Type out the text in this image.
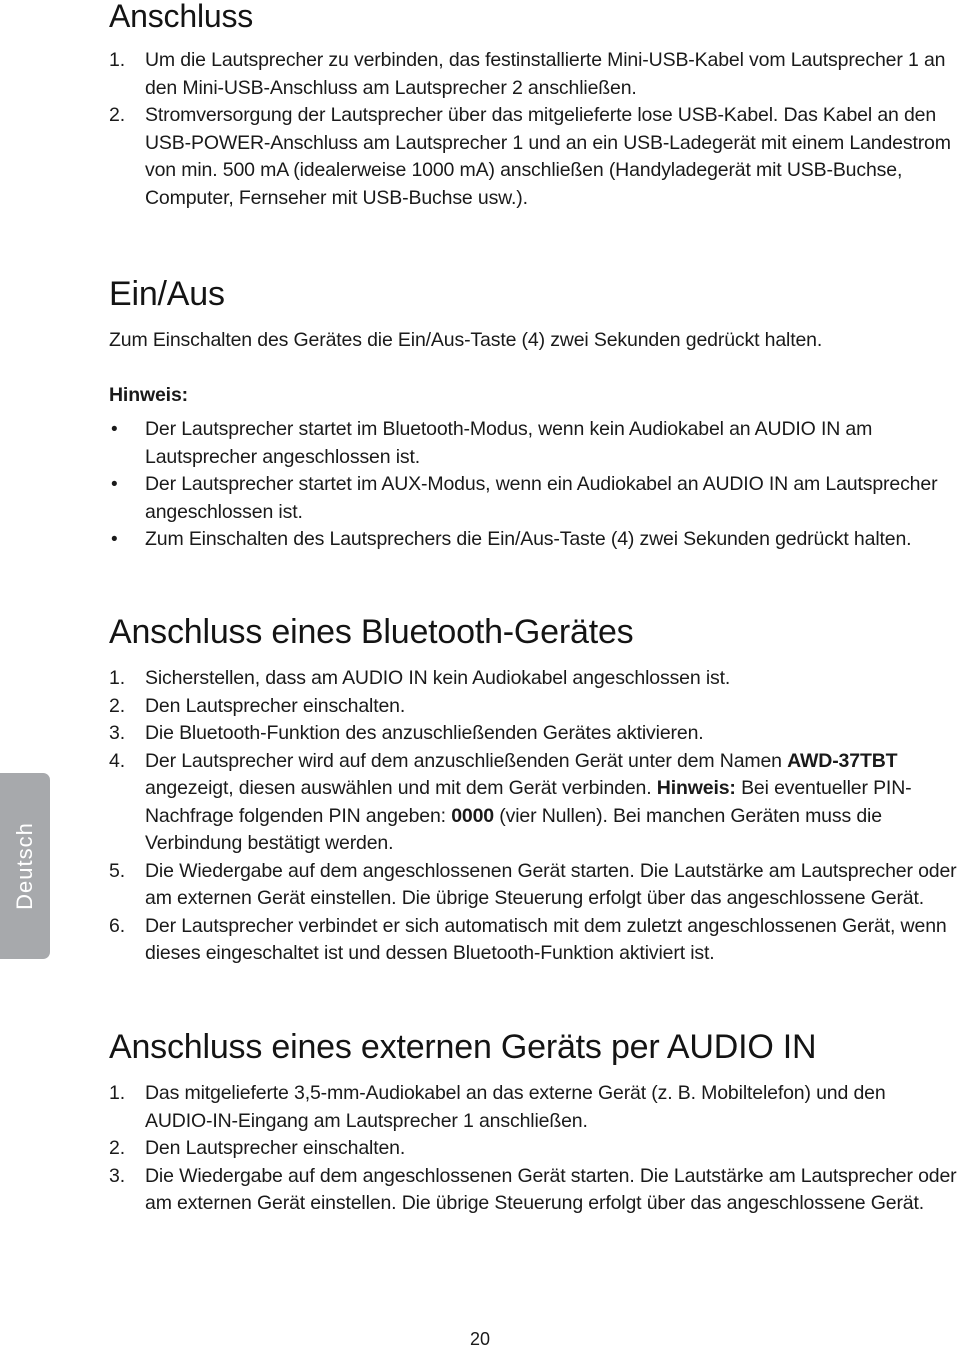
Deutsch
Anschluss
1. Um die Lautsprecher zu verbinden, das festinstallierte Mini-USB-Kabel vom Lautsprecher 1 an den Mini-USB-Anschluss am Lautsprecher 2 anschließen.
2. Stromversorgung der Lautsprecher über das mitgelieferte lose USB-Kabel. Das Kabel an den USB-POWER-Anschluss am Lautsprecher 1 und an ein USB-Ladegerät mit einem Landestrom von min. 500 mA (idealerweise 1000 mA) anschließen (Handyladegerät mit USB-Buchse, Computer, Fernseher mit USB-Buchse usw.).
Ein/Aus
Zum Einschalten des Gerätes die Ein/Aus-Taste (4) zwei Sekunden gedrückt halten.
Hinweis:
• Der Lautsprecher startet im Bluetooth-Modus, wenn kein Audiokabel an AUDIO IN am Lautsprecher angeschlossen ist.
• Der Lautsprecher startet im AUX-Modus, wenn ein Audiokabel an AUDIO IN am Lautsprecher angeschlossen ist.
• Zum Einschalten des Lautsprechers die Ein/Aus-Taste (4) zwei Sekunden gedrückt halten.
Anschluss eines Bluetooth-Gerätes
1. Sicherstellen, dass am AUDIO IN kein Audiokabel angeschlossen ist.
2. Den Lautsprecher einschalten.
3. Die Bluetooth-Funktion des anzuschließenden Gerätes aktivieren.
4. Der Lautsprecher wird auf dem anzuschließenden Gerät unter dem Namen AWD-37TBT angezeigt, diesen auswählen und mit dem Gerät verbinden. Hinweis: Bei eventueller PIN-Nachfrage folgenden PIN angeben: 0000 (vier Nullen). Bei manchen Geräten muss die Verbindung bestätigt werden.
5. Die Wiedergabe auf dem angeschlossenen Gerät starten. Die Lautstärke am Lautsprecher oder am externen Gerät einstellen. Die übrige Steuerung erfolgt über das angeschlossene Gerät.
6. Der Lautsprecher verbindet er sich automatisch mit dem zuletzt angeschlossenen Gerät, wenn dieses eingeschaltet ist und dessen Bluetooth-Funktion aktiviert ist.
Anschluss eines externen Geräts per AUDIO IN
1. Das mitgelieferte 3,5-mm-Audiokabel an das externe Gerät (z. B. Mobiltelefon) und den AUDIO-IN-Eingang am Lautsprecher 1 anschließen.
2. Den Lautsprecher einschalten.
3. Die Wiedergabe auf dem angeschlossenen Gerät starten. Die Lautstärke am Lautsprecher oder am externen Gerät einstellen. Die übrige Steuerung erfolgt über das angeschlossene Gerät.
20
